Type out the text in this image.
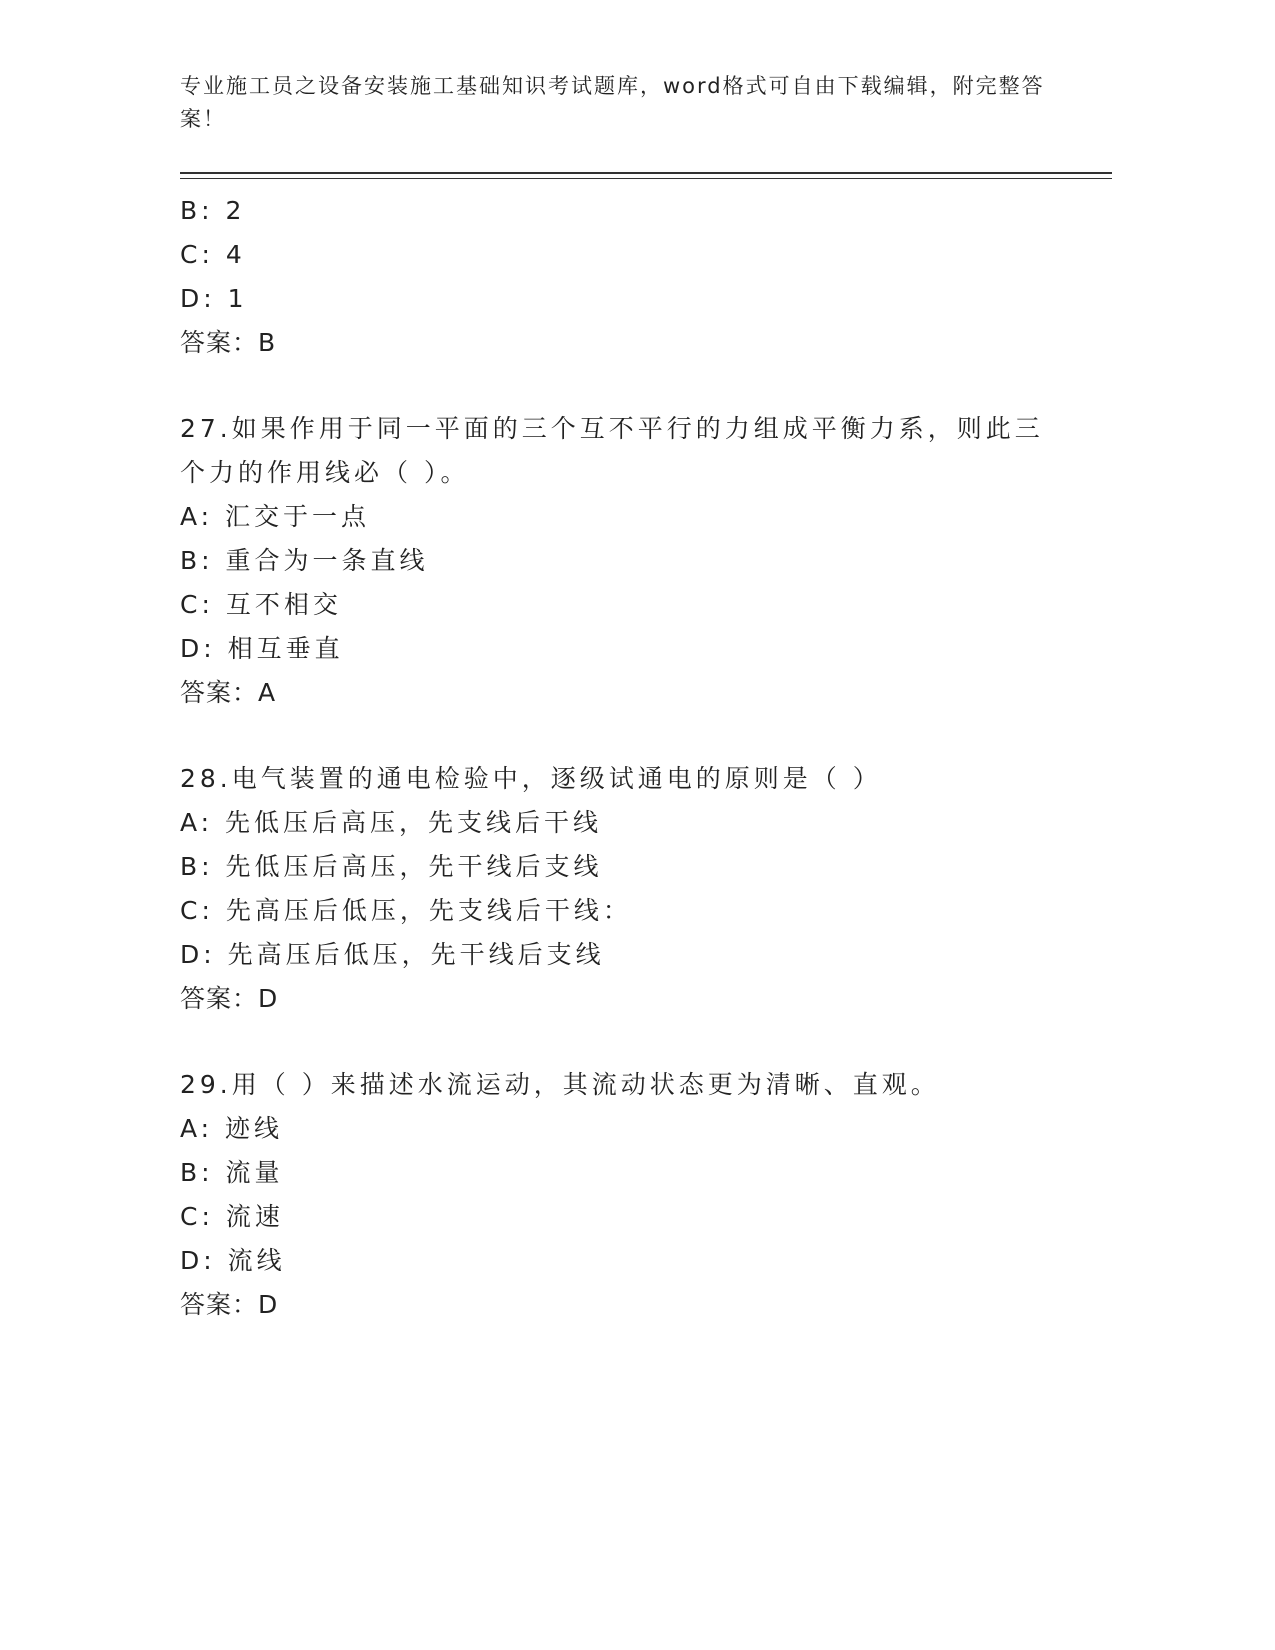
专业施工员之设备安装施工基础知识考试题库，word格式可自由下载编辑，附完整答案！
B: 2
C: 4
D: 1
答案：B
27.如果作用于同一平面的三个互不平行的力组成平衡力系，则此三个力的作用线必（ ）。
A: 汇交于一点
B: 重合为一条直线
C: 互不相交
D: 相互垂直
答案：A
28.电气装置的通电检验中，逐级试通电的原则是（ ）
A: 先低压后高压，先支线后干线
B: 先低压后高压，先干线后支线
C: 先高压后低压，先支线后干线：
D: 先高压后低压，先干线后支线
答案：D
29.用（ ）来描述水流运动，其流动状态更为清晰、直观。
A: 迹线
B: 流量
C: 流速
D: 流线
答案：D
